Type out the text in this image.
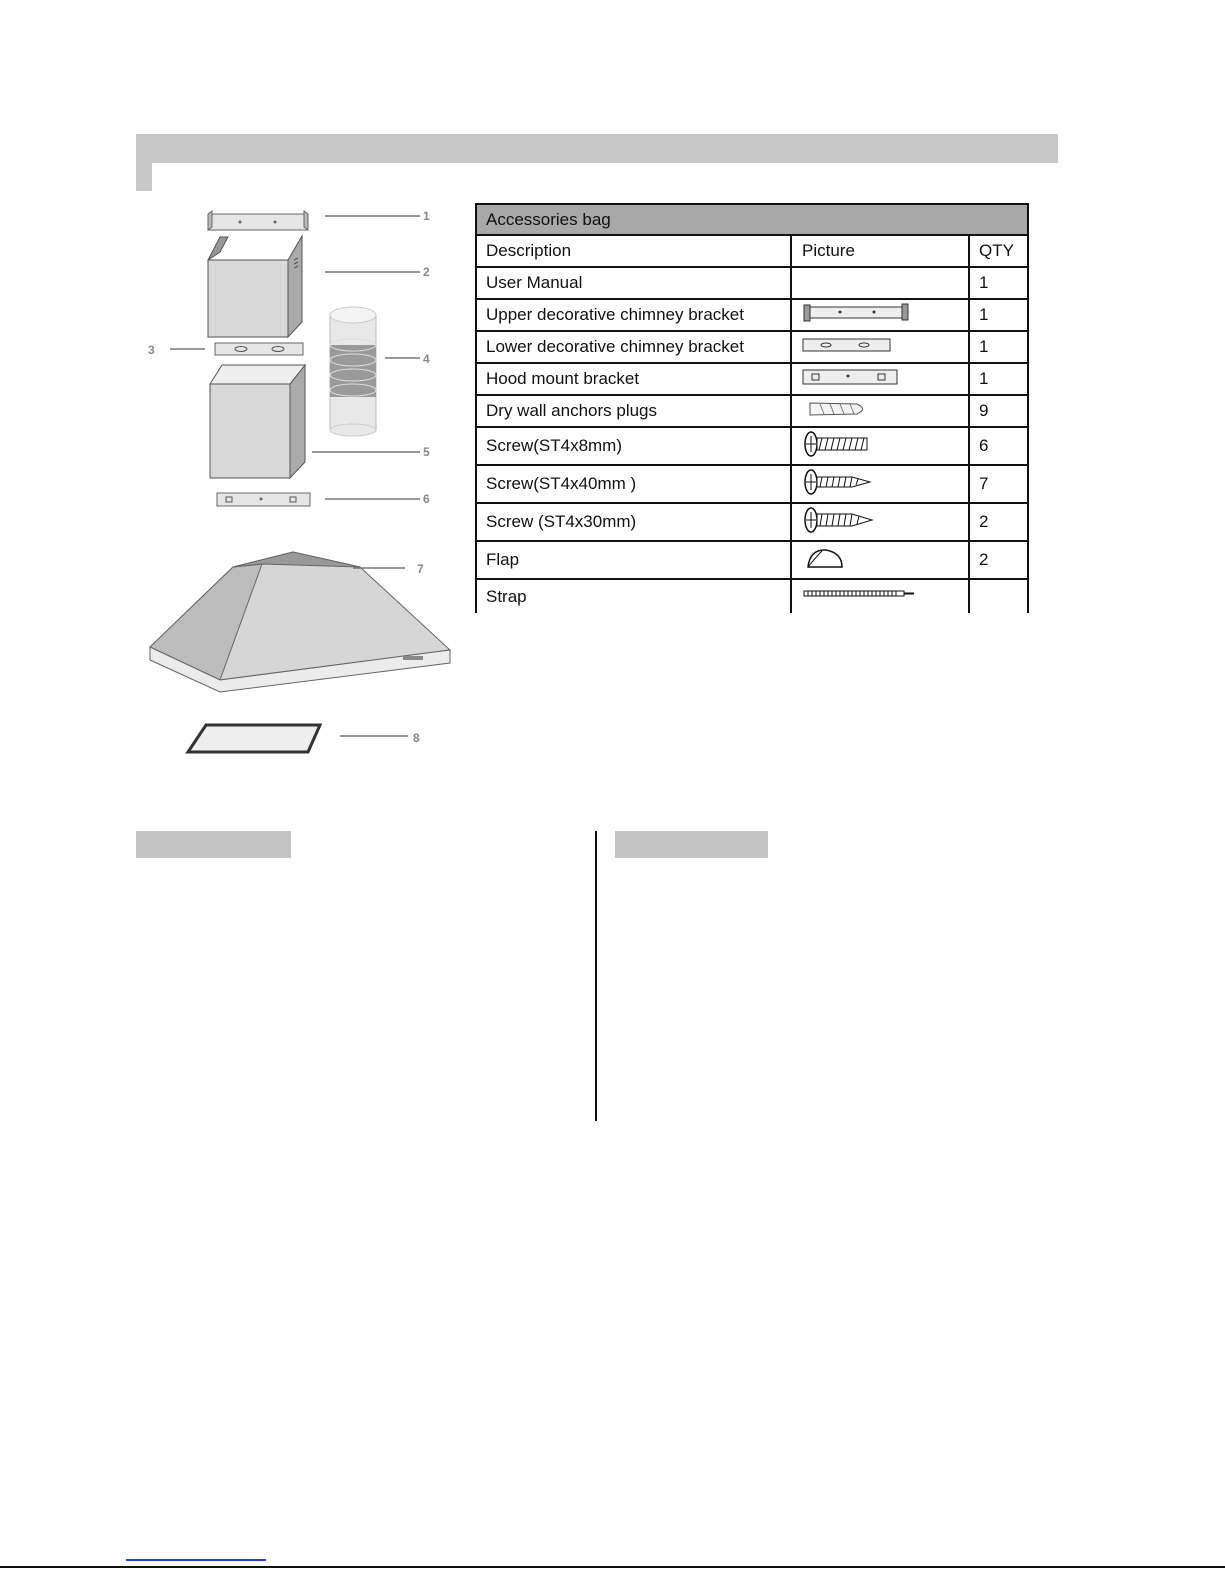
1
2
3
4
5
6
7
8
Accessories bag		
Description	Picture	QTY
User Manual		1
Upper decorative chimney bracket		1
Lower decorative chimney bracket		1
Hood mount bracket		1
Dry wall anchors plugs		9
Screw(ST4x8mm)		6
Screw(ST4x40mm )		7
Screw (ST4x30mm)		2
Flap		2
Strap		
